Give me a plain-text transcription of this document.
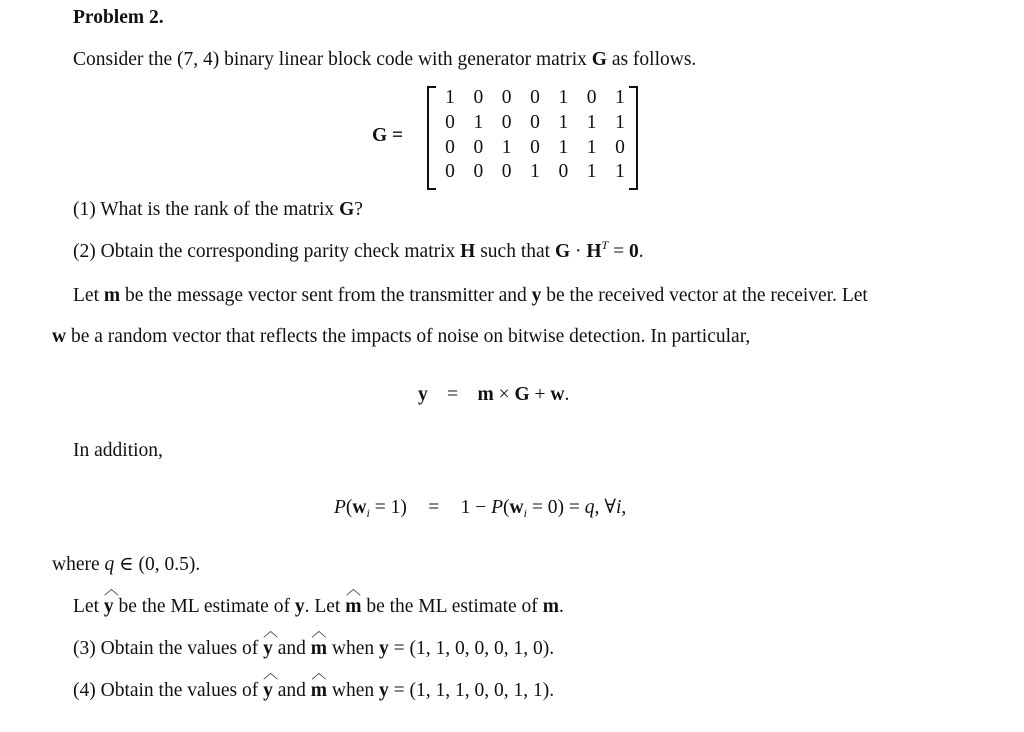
Problem 2.
Consider the (7, 4) binary linear block code with generator matrix G as follows.
G =
1 0 0 0 1 0 1
0 1 0 0 1 1 1
0 0 1 0 1 1 0
0 0 0 1 0 1 1
(1) What is the rank of the matrix G?
(2) Obtain the corresponding parity check matrix H such that $G \cdot H^T = 0$.
Let m be the message vector sent from the transmitter and y be the received vector at the receiver. Let
w be a random vector that reflects the impacts of noise on bitwise detection. In particular,
y = m × G + w.
In addition,
$P(w_i = 1) = 1 - P(w_i = 0) = q$, ∀i,
where q ∈ (0, 0.5).
Let
︿
y be the ML estimate of y. Let
︿
m be the ML estimate of m.
(3) Obtain the values of
︿
y and
︿
m when y = (1, 1, 0, 0, 0, 1, 0).
(4) Obtain the values of
︿
y and
︿
m when y = (1, 1, 1, 0, 0, 1, 1).
